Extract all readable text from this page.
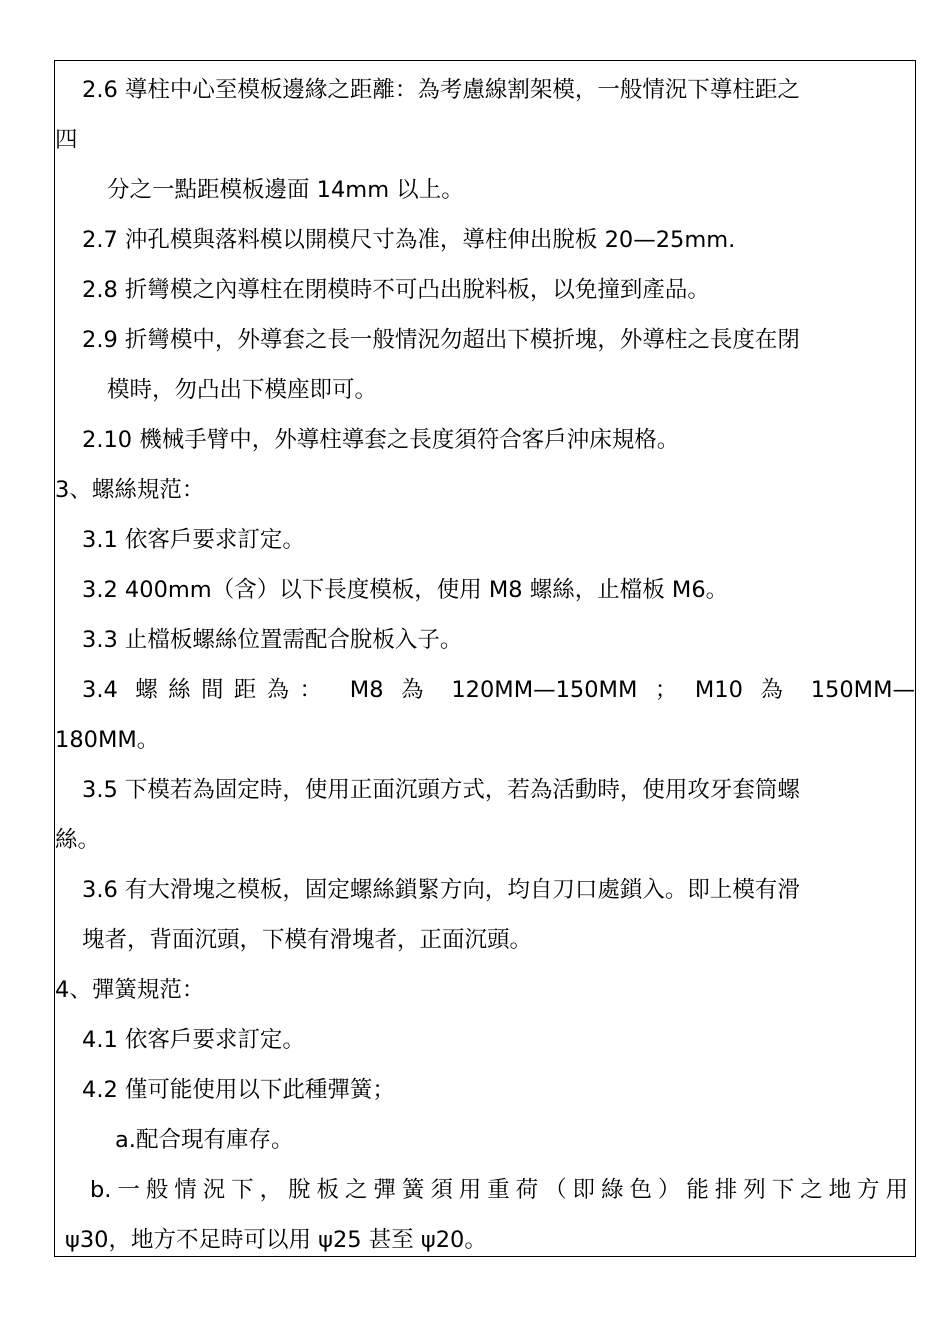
2.6 導柱中心至模板邊緣之距離：為考慮線割架模，一般情況下導柱距之
四
分之一點距模板邊面 14mm 以上。
2.7 沖孔模與落料模以開模尺寸為准，導柱伸出脫板 20—25mm.
2.8 折彎模之內導柱在閉模時不可凸出脫料板，以免撞到產品。
2.9 折彎模中，外導套之長一般情況勿超出下模折塊，外導柱之長度在閉
模時，勿凸出下模座即可。
2.10 機械手臂中，外導柱導套之長度須符合客戶沖床規格。
3、螺絲規范：
3.1 依客戶要求訂定。
3.2 400mm（含）以下長度模板，使用 M8 螺絲，止檔板 M6。
3.3 止檔板螺絲位置需配合脫板入子。
3.4 螺絲間距為： M8 為 120MM—150MM ； M10 為 150MM—
180MM。
3.5 下模若為固定時，使用正面沉頭方式，若為活動時，使用攻牙套筒螺
絲。
3.6 有大滑塊之模板，固定螺絲鎖緊方向，均自刀口處鎖入。即上模有滑
塊者，背面沉頭，下模有滑塊者，正面沉頭。
4、彈簧規范：
4.1 依客戶要求訂定。
4.2 僅可能使用以下此種彈簧；
a.配合現有庫存。
b.一般情況下，脫板之彈簧須用重荷（即綠色）能排列下之地方用
ψ30，地方不足時可以用 ψ25 甚至 ψ20。
